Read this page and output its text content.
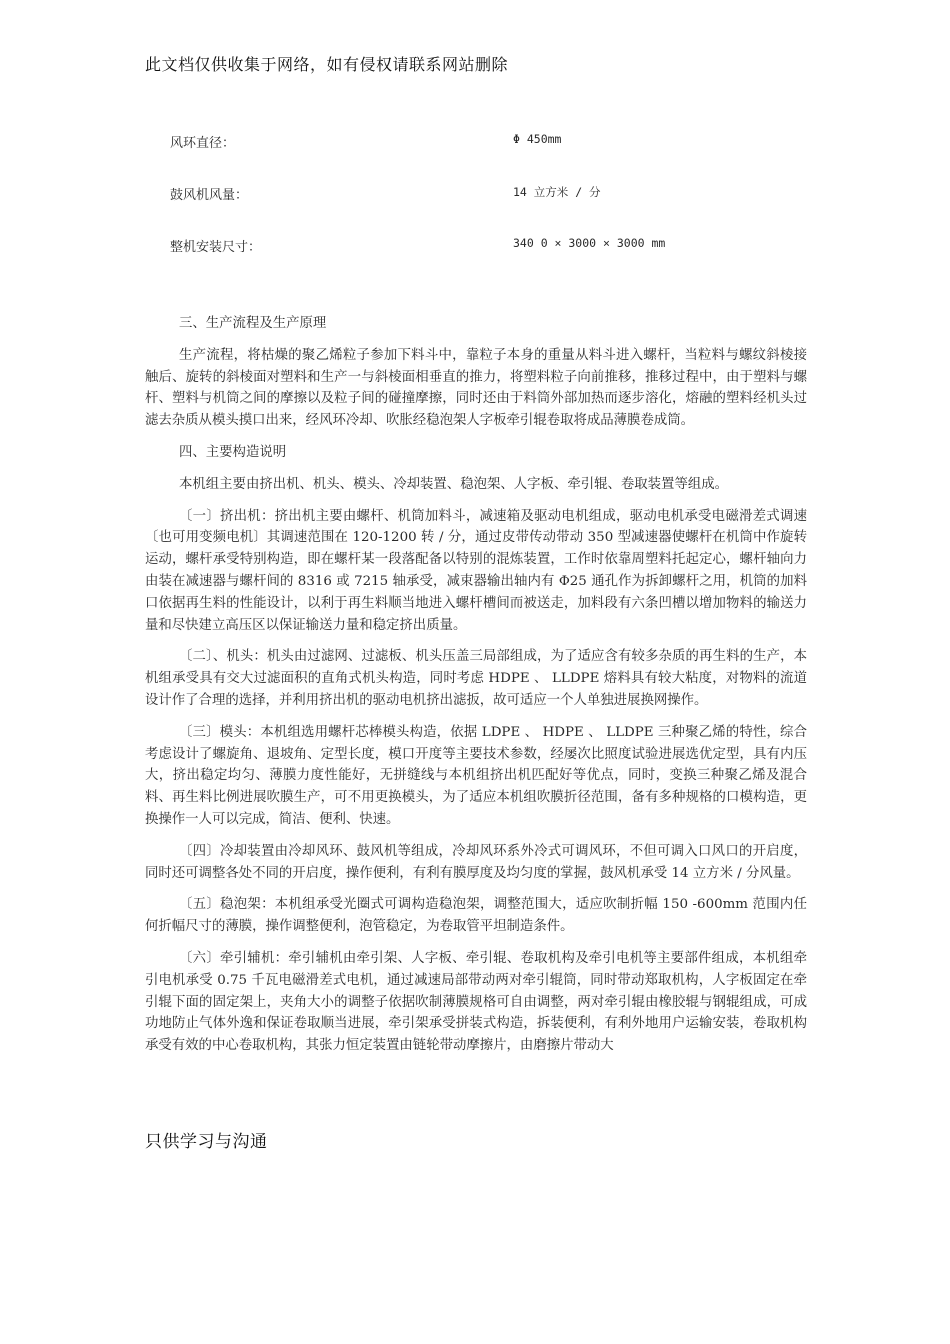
此文档仅供收集于网络，如有侵权请联系网站删除
风环直径：	Φ 450mm
鼓风机风量：	14 立方米 / 分
整机安装尺寸：	340 0 × 3000 × 3000 mm

三、生产流程及生产原理

生产流程，将枯燥的聚乙烯粒子参加下料斗中，靠粒子本身的重量从料斗进入螺杆，当粒料与螺纹斜棱接触后、旋转的斜棱面对塑料和生产一与斜棱面相垂直的推力，将塑料粒子向前推移，推移过程中，由于塑料与螺杆、塑料与机筒之间的摩擦以及粒子间的碰撞摩擦，同时还由于料筒外部加热而逐步溶化，熔融的塑料经机头过滤去杂质从模头摸口出来，经风环冷却、吹胀经稳泡架人字板牵引辊卷取将成品薄膜卷成筒。

四、主要构造说明

本机组主要由挤出机、机头、模头、冷却装置、稳泡架、人字板、牵引辊、卷取装置等组成。

〔一〕挤出机：挤出机主要由螺杆、机筒加料斗，减速箱及驱动电机组成，驱动电机承受电磁滑差式调速〔也可用变频电机〕其调速范围在 120-1200 转 / 分，通过皮带传动带动 350 型减速器使螺杆在机筒中作旋转运动，螺杆承受特别构造，即在螺杆某一段落配备以特别的混炼装置，工作时依靠周塑料托起定心，螺杆轴向力由装在减速器与螺杆间的 8316 或 7215 轴承受，减束器输出轴内有 Φ25 通孔作为拆卸螺杆之用，机筒的加料口依据再生料的性能设计，以利于再生料顺当地进入螺杆槽间而被送走，加料段有六条凹槽以增加物料的输送力量和尽快建立高压区以保证输送力量和稳定挤出质量。

〔二〕、机头：机头由过滤网、过滤板、机头压盖三局部组成，为了适应含有较多杂质的再生料的生产，本机组承受具有交大过滤面积的直角式机头构造，同时考虑 HDPE 、 LLDPE 熔料具有较大粘度，对物料的流道设计作了合理的选择，并利用挤出机的驱动电机挤出滤扳，故可适应一个人单独进展换网操作。

〔三〕模头：本机组选用螺杆芯棒模头构造，依据 LDPE 、 HDPE 、 LLDPE 三种聚乙烯的特性，综合考虑设计了螺旋角、退坡角、定型长度，模口开度等主要技术参数，经屡次比照度试验进展选优定型，具有内压大，挤出稳定均匀、薄膜力度性能好，无拼缝线与本机组挤出机匹配好等优点，同时，变换三种聚乙烯及混合料、再生料比例进展吹膜生产，可不用更换模头，为了适应本机组吹膜折径范围，备有多种规格的口模构造，更换操作一人可以完成，简洁、便利、快速。

〔四〕冷却装置由冷却风环、鼓风机等组成，冷却风环系外冷式可调风环，不但可调入口风口的开启度，同时还可调整各处不同的开启度，操作便利，有利有膜厚度及均匀度的掌握，鼓风机承受 14 立方米 / 分风量。

〔五〕稳泡架：本机组承受光圈式可调构造稳泡架，调整范围大，适应吹制折幅 150 -600mm 范围内任何折幅尺寸的薄膜，操作调整便利，泡管稳定，为卷取管平坦制造条件。

〔六〕牵引辅机：牵引辅机由牵引架、人字板、牵引辊、卷取机构及牵引电机等主要部件组成，本机组牵引电机承受 0.75 千瓦电磁滑差式电机，通过减速局部带动两对牵引辊筒，同时带动郑取机构，人字板固定在牵引辊下面的固定架上，夹角大小的调整子依据吹制薄膜规格可自由调整，两对牵引辊由橡胶辊与钢辊组成，可成功地防止气体外逸和保证卷取顺当进展，牵引架承受拼装式构造，拆装便利，有利外地用户运输安装，卷取机构承受有效的中心卷取机构，其张力恒定装置由链轮带动摩擦片，由磨擦片带动大

只供学习与沟通
